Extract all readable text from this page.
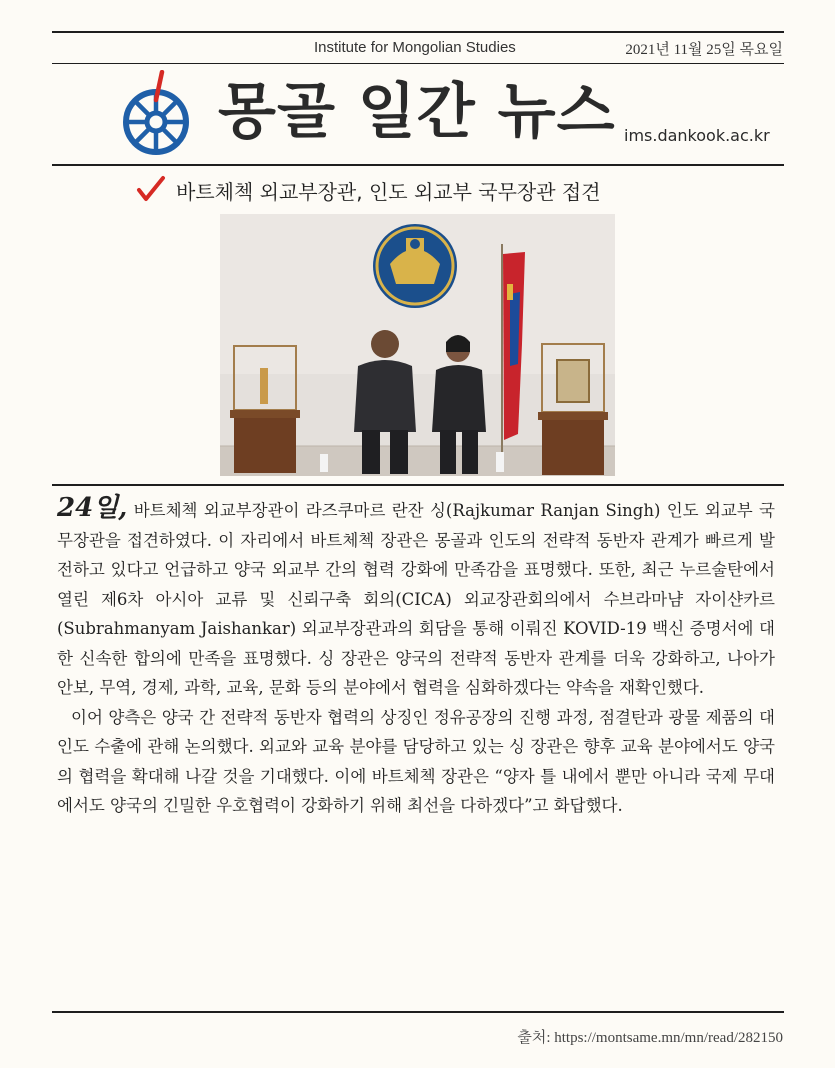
Institute for Mongolian Studies	2021년 11월 25일 목요일
몽골 일간 뉴스 ims.dankook.ac.kr
바트체첵 외교부장관, 인도 외교부 국무장관 접견

24일, 바트체첵 외교부장관이 라즈쿠마르 란잔 싱(Rajkumar Ranjan Singh) 인도 외교부 국무장관을 접견하였다. 이 자리에서 바트체첵 장관은 몽골과 인도의 전략적 동반자 관계가 빠르게 발전하고 있다고 언급하고 양국 외교부 간의 협력 강화에 만족감을 표명했다. 또한, 최근 누르술탄에서 열린 제6차 아시아 교류 및 신뢰구축 회의(CICA) 외교장관회의에서 수브라마냠 자이샨카르(Subrahmanyam Jaishankar) 외교부장관과의 회담을 통해 이뤄진 KOVID-19 백신 증명서에 대한 신속한 합의에 만족을 표명했다. 싱 장관은 양국의 전략적 동반자 관계를 더욱 강화하고, 나아가 안보, 무역, 경제, 과학, 교육, 문화 등의 분야에서 협력을 심화하겠다는 약속을 재확인했다.

이어 양측은 양국 간 전략적 동반자 협력의 상징인 정유공장의 진행 과정, 점결탄과 광물 제품의 대인도 수출에 관해 논의했다. 외교와 교육 분야를 담당하고 있는 싱 장관은 향후 교육 분야에서도 양국의 협력을 확대해 나갈 것을 기대했다. 이에 바트체첵 장관은 “양자 틀 내에서 뿐만 아니라 국제 무대에서도 양국의 긴밀한 우호협력이 강화하기 위해 최선을 다하겠다”고 화답했다.

출처: https://montsame.mn/mn/read/282150
